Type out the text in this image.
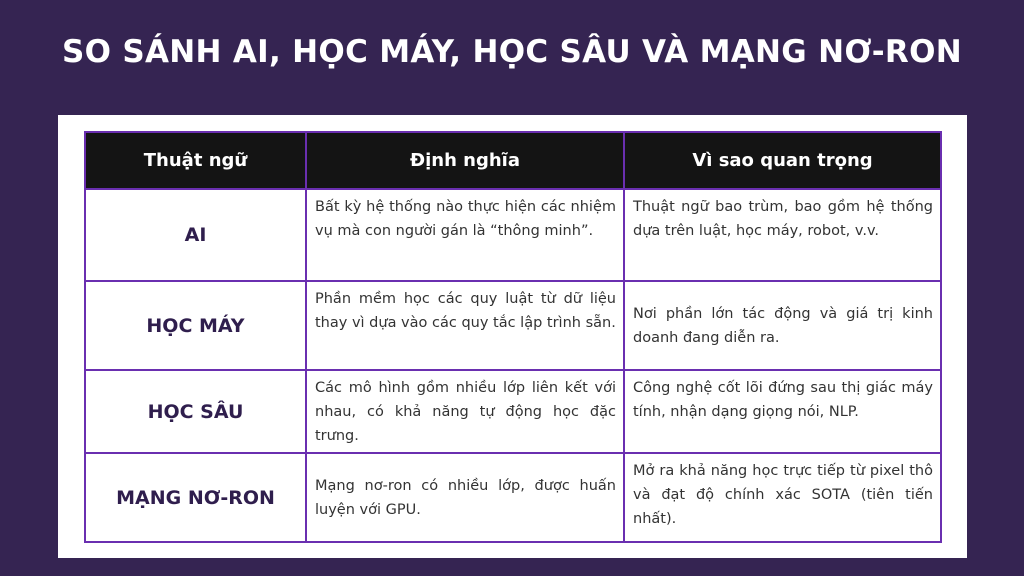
SO SÁNH AI, HỌC MÁY, HỌC SÂU VÀ MẠNG NƠ-RON
Thuật ngữ	Định nghĩa	Vì sao quan trọng
AI	Bất kỳ hệ thống nào thực hiện các nhiệm vụ mà con người gán là “thông minh”.	Thuật ngữ bao trùm, bao gồm hệ thống dựa trên luật, học máy, robot, v.v.
HỌC MÁY	Phần mềm học các quy luật từ dữ liệu thay vì dựa vào các quy tắc lập trình sẵn.	Nơi phần lớn tác động và giá trị kinh doanh đang diễn ra.
HỌC SÂU	Các mô hình gồm nhiều lớp liên kết với nhau, có khả năng tự động học đặc trưng.	Công nghệ cốt lõi đứng sau thị giác máy tính, nhận dạng giọng nói, NLP.
MẠNG NƠ-RON	Mạng nơ-ron có nhiều lớp, được huấn luyện với GPU.	Mở ra khả năng học trực tiếp từ pixel thô và đạt độ chính xác SOTA (tiên tiến nhất).
